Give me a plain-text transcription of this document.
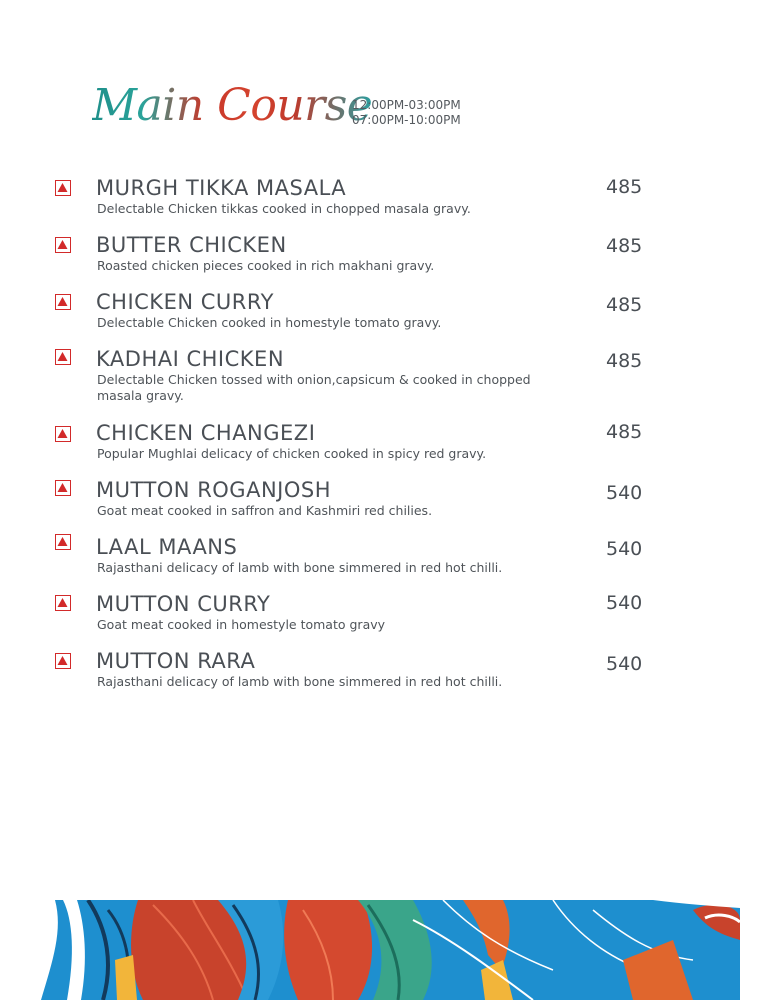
Main Course
12:00PM-03:00PM
07:00PM-10:00PM
MURGH TIKKA MASALA
Delectable Chicken tikkas cooked in chopped masala gravy.
485
BUTTER CHICKEN
Roasted chicken pieces cooked in rich makhani gravy.
485
CHICKEN CURRY
Delectable Chicken cooked in homestyle tomato gravy.
485
KADHAI CHICKEN
Delectable Chicken tossed with onion,capsicum & cooked in chopped masala gravy.
485
CHICKEN CHANGEZI
Popular Mughlai delicacy of chicken cooked in spicy red gravy.
485
MUTTON ROGANJOSH
Goat meat cooked in saffron and Kashmiri red chilies.
540
LAAL MAANS
Rajasthani delicacy of lamb with bone simmered in red hot chilli.
540
MUTTON CURRY
Goat meat cooked in homestyle tomato gravy
540
MUTTON RARA
Rajasthani delicacy of lamb with bone simmered in red hot chilli.
540
